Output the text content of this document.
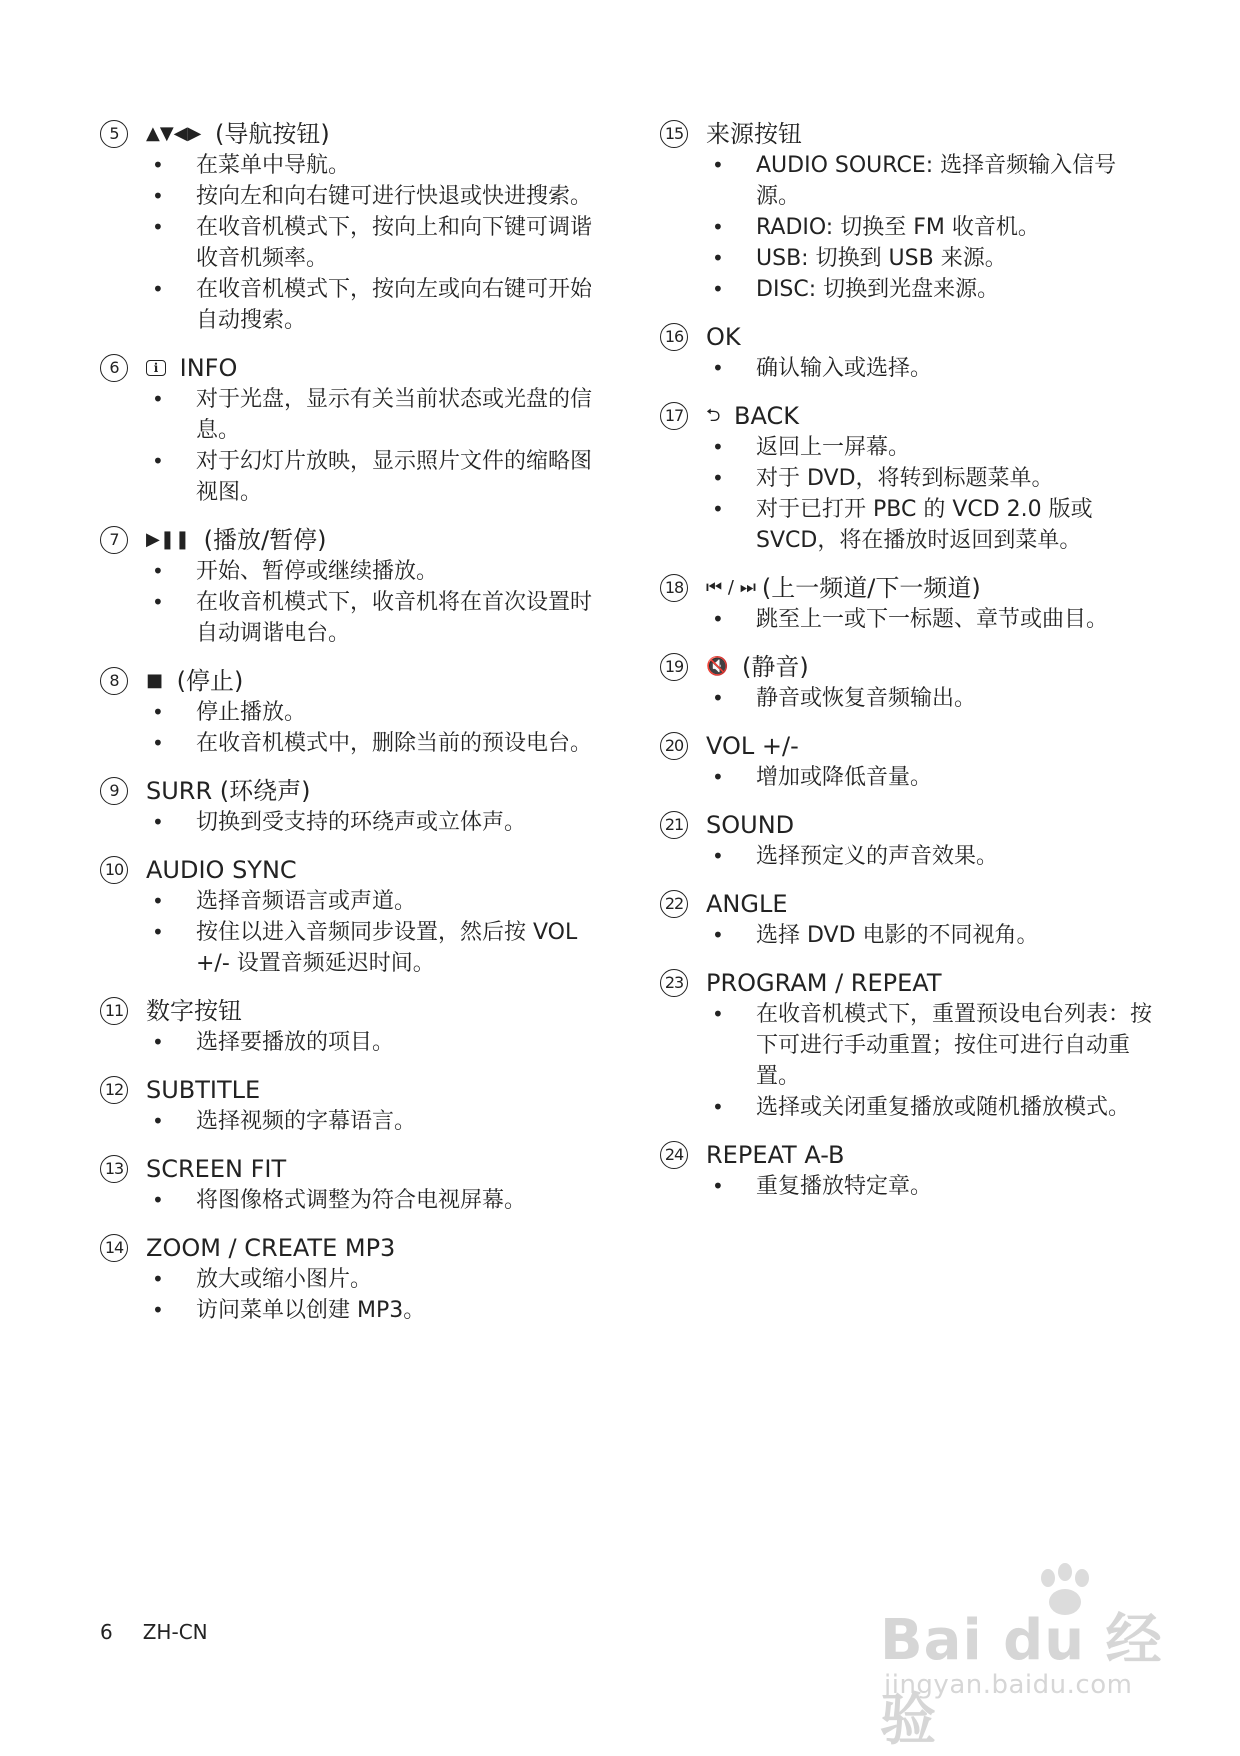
5	▲▼◀▶ (导航按钮)
• 在菜单中导航。
• 按向左和向右键可进行快退或快进搜索。
• 在收音机模式下，按向上和向下键可调谐收音机频率。
• 在收音机模式下，按向左或向右键可开始自动搜索。
6	i INFO
• 对于光盘，显示有关当前状态或光盘的信息。
• 对于幻灯片放映，显示照片文件的缩略图视图。
7	▶❚❚ (播放/暂停)
• 开始、暂停或继续播放。
• 在收音机模式下，收音机将在首次设置时自动调谐电台。
8	■ (停止)
• 停止播放。
• 在收音机模式中，删除当前的预设电台。
9	SURR (环绕声)
• 切换到受支持的环绕声或立体声。
10 AUDIO SYNC
• 选择音频语言或声道。
• 按住以进入音频同步设置，然后按 VOL +/- 设置音频延迟时间。
11 数字按钮
• 选择要播放的项目。
12 SUBTITLE
• 选择视频的字幕语言。
13 SCREEN FIT
• 将图像格式调整为符合电视屏幕。
14 ZOOM / CREATE MP3
• 放大或缩小图片。
• 访问菜单以创建 MP3。
15 来源按钮
• AUDIO SOURCE: 选择音频输入信号源。
• RADIO: 切换至 FM 收音机。
• USB: 切换到 USB 来源。
• DISC: 切换到光盘来源。
16 OK
• 确认输入或选择。
17 ⮌ BACK
• 返回上一屏幕。
• 对于 DVD，将转到标题菜单。
• 对于已打开 PBC 的 VCD 2.0 版或 SVCD，将在播放时返回到菜单。
18 ⏮ / ⏭ (上一频道/下一频道)
• 跳至上一或下一标题、章节或曲目。
19 🔇 (静音)
• 静音或恢复音频输出。
20 VOL +/-
• 增加或降低音量。
21 SOUND
• 选择预定义的声音效果。
22 ANGLE
• 选择 DVD 电影的不同视角。
23 PROGRAM / REPEAT
• 在收音机模式下，重置预设电台列表：按下可进行手动重置；按住可进行自动重置。
• 选择或关闭重复播放或随机播放模式。
24 REPEAT A-B
• 重复播放特定章。
6 ZH-CN	Bai du 经验
jingyan.baidu.com
